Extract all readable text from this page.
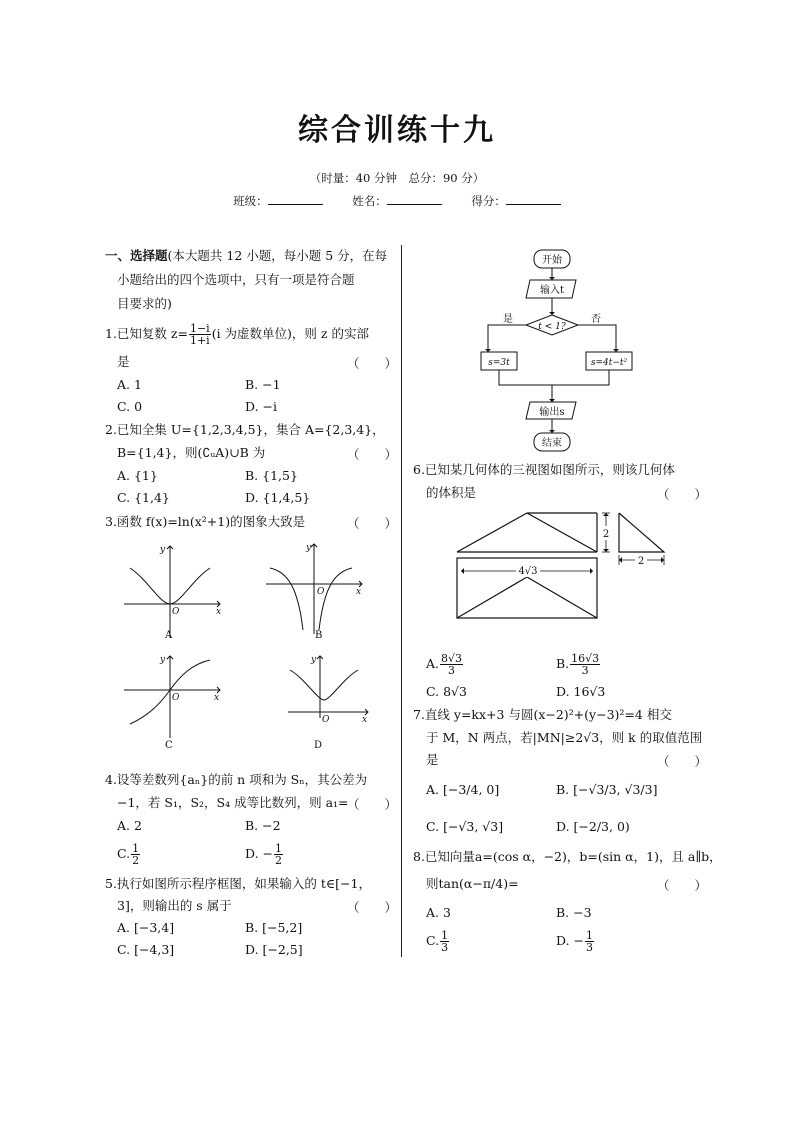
综合训练十九
（时量：40 分钟　总分：90 分）
班级：	姓名：	得分：
一、选择题(本大题共 12 小题，每小题 5 分，在每
小题给出的四个选项中，只有一项是符合题
目要求的)
1.已知复数 $z= \frac{1-i}{1+i} (i$ 为虚数单位)，则 z 的实部
是	（　　）
A. 1	B. −1
C. 0	D. −i
2.已知全集 U={1,2,3,4,5}，集合 A={2,3,4}，
B={1,4}，则(∁ᵤA)∪B 为	（　　）
A. {1}	B. {1,5}
C. {1,4}	D. {1,4,5}
3.函数 f(x)=ln(x²+1)的图象大致是	（　　）
x
y
O
x
y
O
x
y
O
x
y
O
A	B
C	D
4.设等差数列{aₙ}的前 n 项和为 Sₙ，其公差为
−1，若 S₁，S₂，S₄ 成等比数列，则 a₁=
（　　）
A. 2	B. −2
C. $\frac{1}{2}$	D. − $\frac{1}{2}$
5.执行如图所示程序框图，如果输入的 t∈[−1，
3]，则输出的 s 属于	（　　）
A. [−3,4]	B. [−5,2]
C. [−4,3]	D. [−2,5]
开始
输入t
t < 1?
是	否
s=3t	s=4t−t²
输出s
结束
6.已知某几何体的三视图如图所示，则该几何体
的体积是	（　　）
2
2
4√3
A. $\frac{8√3}{3}$	B. $\frac{16√3}{3}$
C. 8√3	D. 16√3
7.直线 y=kx+3 与圆(x−2)²+(y−3)²=4 相交
于 M，N 两点，若|MN|≥2√3，则 k 的取值范围
是	（　　）
A. [−3/4, 0]	B. [−√3/3, √3/3]
C. [−√3, √3]	D. [−2/3, 0)
8.已知向量a=(cos α，−2)，b=(sin α，1)，且 a∥b，
则tan(α−π/4)=	（　　）
A. 3	B. −3
C. $\frac{1}{3}$	D. − $\frac{1}{3}$
